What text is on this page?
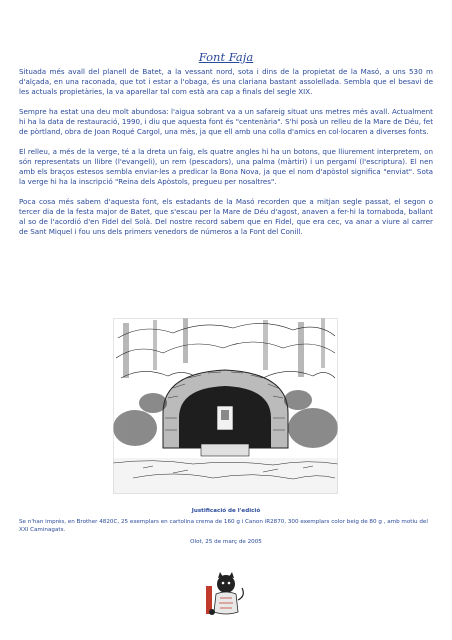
Font Faja

Situada més avall del planell de Batet, a la vessant nord, sota i dins de la propietat de la Masó, a uns 530 m d'alçada, en una raconada, que tot i estar a l'obaga, és una clariana bastant assolellada. Sembla que el besavi de les actuals propietàries, la va aparellar tal com està ara cap a finals del segle XIX.

Sempre ha estat una deu molt abundosa: l'aigua sobrant va a un safareig situat uns metres més avall. Actualment hi ha la data de restauració, 1990, i diu que aquesta font és "centenària". S'hi posà un relleu de la Mare de Déu, fet de pòrtland, obra de Joan Roqué Cargol, una mès, ja que ell amb una colla d'amics en col·locaren a diverses fonts.

El relleu, a més de la verge, té a la dreta un faig, els quatre angles hi ha un botons, que lliurement interpretem, on són representats un llibre (l'evangeli), un rem (pescadors), una palma (màrtiri) i un pergamí (l'escriptura). El nen amb els braços estesos sembla enviar-les a predicar la Bona Nova, ja que el nom d'apòstol significa "enviat". Sota la verge hi ha la inscripció "Reina dels Apòstols, pregueu per nosaltres".

Poca cosa més sabem d'aquesta font, els estadants de la Masó recorden que a mitjan segle passat, el segon o tercer dia de la festa major de Batet, que s'escau per la Mare de Déu d'agost, anaven a fer-hi la tornaboda, ballant al so de l'acordió d'en Fidel del Solà. Del nostre record sabem que en Fidel, que era cec, va anar a viure al carrer de Sant Miquel i fou uns dels primers venedors de números a la Font del Conill.

Justificació de l'edició
Se n'han imprès, en Brother 4820C, 25 exemplars en cartolina crema de 160 g i Canon iR2870, 300 exemplars color beig de 80 g , amb motiu del XXI Caminagats.
Olot, 25 de març de 2005
